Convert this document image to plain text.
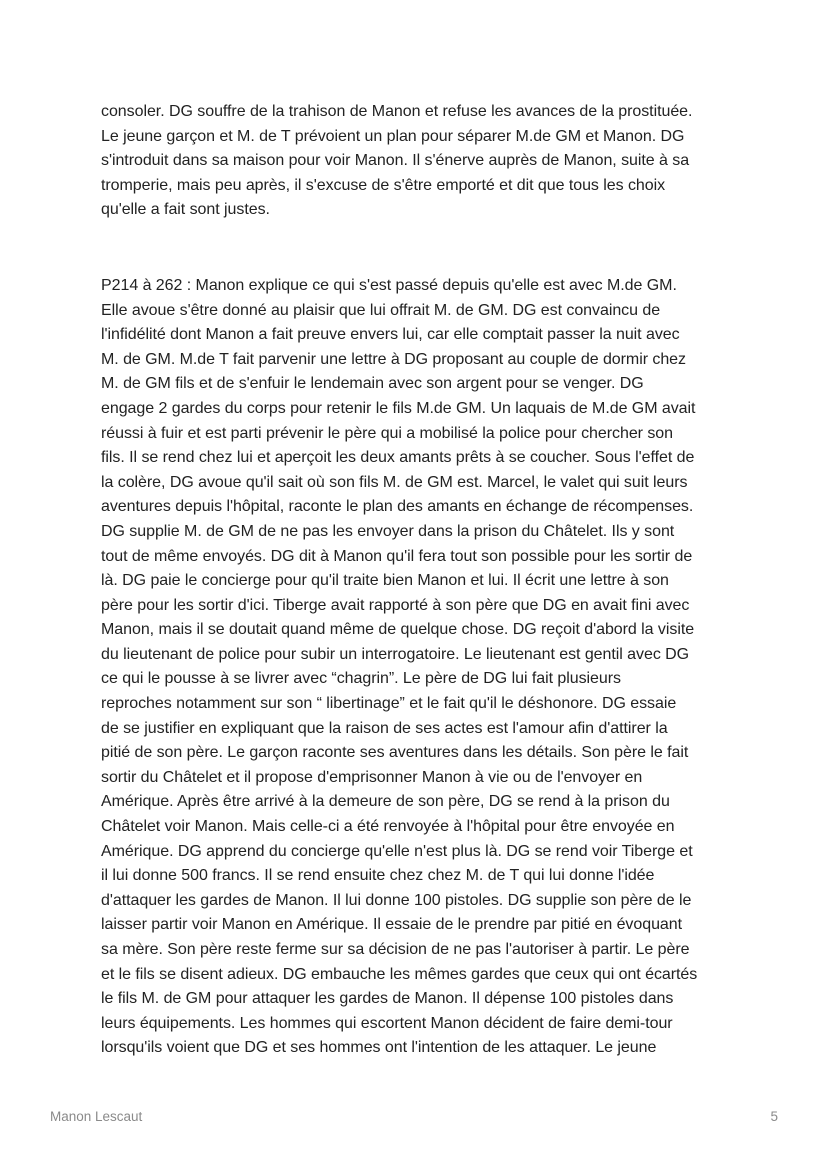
consoler. DG souffre de la trahison de Manon et refuse les avances de la prostituée.
Le jeune garçon et M. de T prévoient un plan pour séparer M.de GM et Manon. DG
s'introduit dans sa maison pour voir Manon. Il s'énerve auprès de Manon, suite à sa
tromperie, mais peu après, il s'excuse de s'être emporté et dit que tous les choix
qu'elle a fait sont justes.

P214 à 262 : Manon explique ce qui s'est passé depuis qu'elle est avec M.de GM.
Elle avoue s'être donné au plaisir que lui offrait M. de GM. DG est convaincu de
l'infidélité dont Manon a fait preuve envers lui, car elle comptait passer la nuit avec
M. de GM. M.de T fait parvenir une lettre à DG proposant au couple de dormir chez
M. de GM fils et de s'enfuir le lendemain avec son argent pour se venger. DG
engage 2 gardes du corps pour retenir le fils M.de GM. Un laquais de M.de GM avait
réussi à fuir et est parti prévenir le père qui a mobilisé la police pour chercher son
fils. Il se rend chez lui et aperçoit les deux amants prêts à se coucher. Sous l'effet de
la colère, DG avoue qu'il sait où son fils M. de GM est. Marcel, le valet qui suit leurs
aventures depuis l'hôpital, raconte le plan des amants en échange de récompenses.
DG supplie M. de GM de ne pas les envoyer dans la prison du Châtelet. Ils y sont
tout de même envoyés. DG dit à Manon qu'il fera tout son possible pour les sortir de
là. DG paie le concierge pour qu'il traite bien Manon et lui. Il écrit une lettre à son
père pour les sortir d'ici. Tiberge avait rapporté à son père que DG en avait fini avec
Manon, mais il se doutait quand même de quelque chose. DG reçoit d'abord la visite
du lieutenant de police pour subir un interrogatoire. Le lieutenant est gentil avec DG
ce qui le pousse à se livrer avec “chagrin”. Le père de DG lui fait plusieurs
reproches notamment sur son “ libertinage” et le fait qu'il le déshonore. DG essaie
de se justifier en expliquant que la raison de ses actes est l'amour afin d'attirer la
pitié de son père. Le garçon raconte ses aventures dans les détails. Son père le fait
sortir du Châtelet et il propose d'emprisonner Manon à vie ou de l'envoyer en
Amérique. Après être arrivé à la demeure de son père, DG se rend à la prison du
Châtelet voir Manon. Mais celle-ci a été renvoyée à l'hôpital pour être envoyée en
Amérique. DG apprend du concierge qu'elle n'est plus là. DG se rend voir Tiberge et
il lui donne 500 francs. Il se rend ensuite chez chez M. de T qui lui donne l'idée
d'attaquer les gardes de Manon. Il lui donne 100 pistoles. DG supplie son père de le
laisser partir voir Manon en Amérique. Il essaie de le prendre par pitié en évoquant
sa mère. Son père reste ferme sur sa décision de ne pas l'autoriser à partir. Le père
et le fils se disent adieux. DG embauche les mêmes gardes que ceux qui ont écartés
le fils M. de GM pour attaquer les gardes de Manon. Il dépense 100 pistoles dans
leurs équipements. Les hommes qui escortent Manon décident de faire demi-tour
lorsqu'ils voient que DG et ses hommes ont l'intention de les attaquer. Le jeune

Manon Lescaut	5
